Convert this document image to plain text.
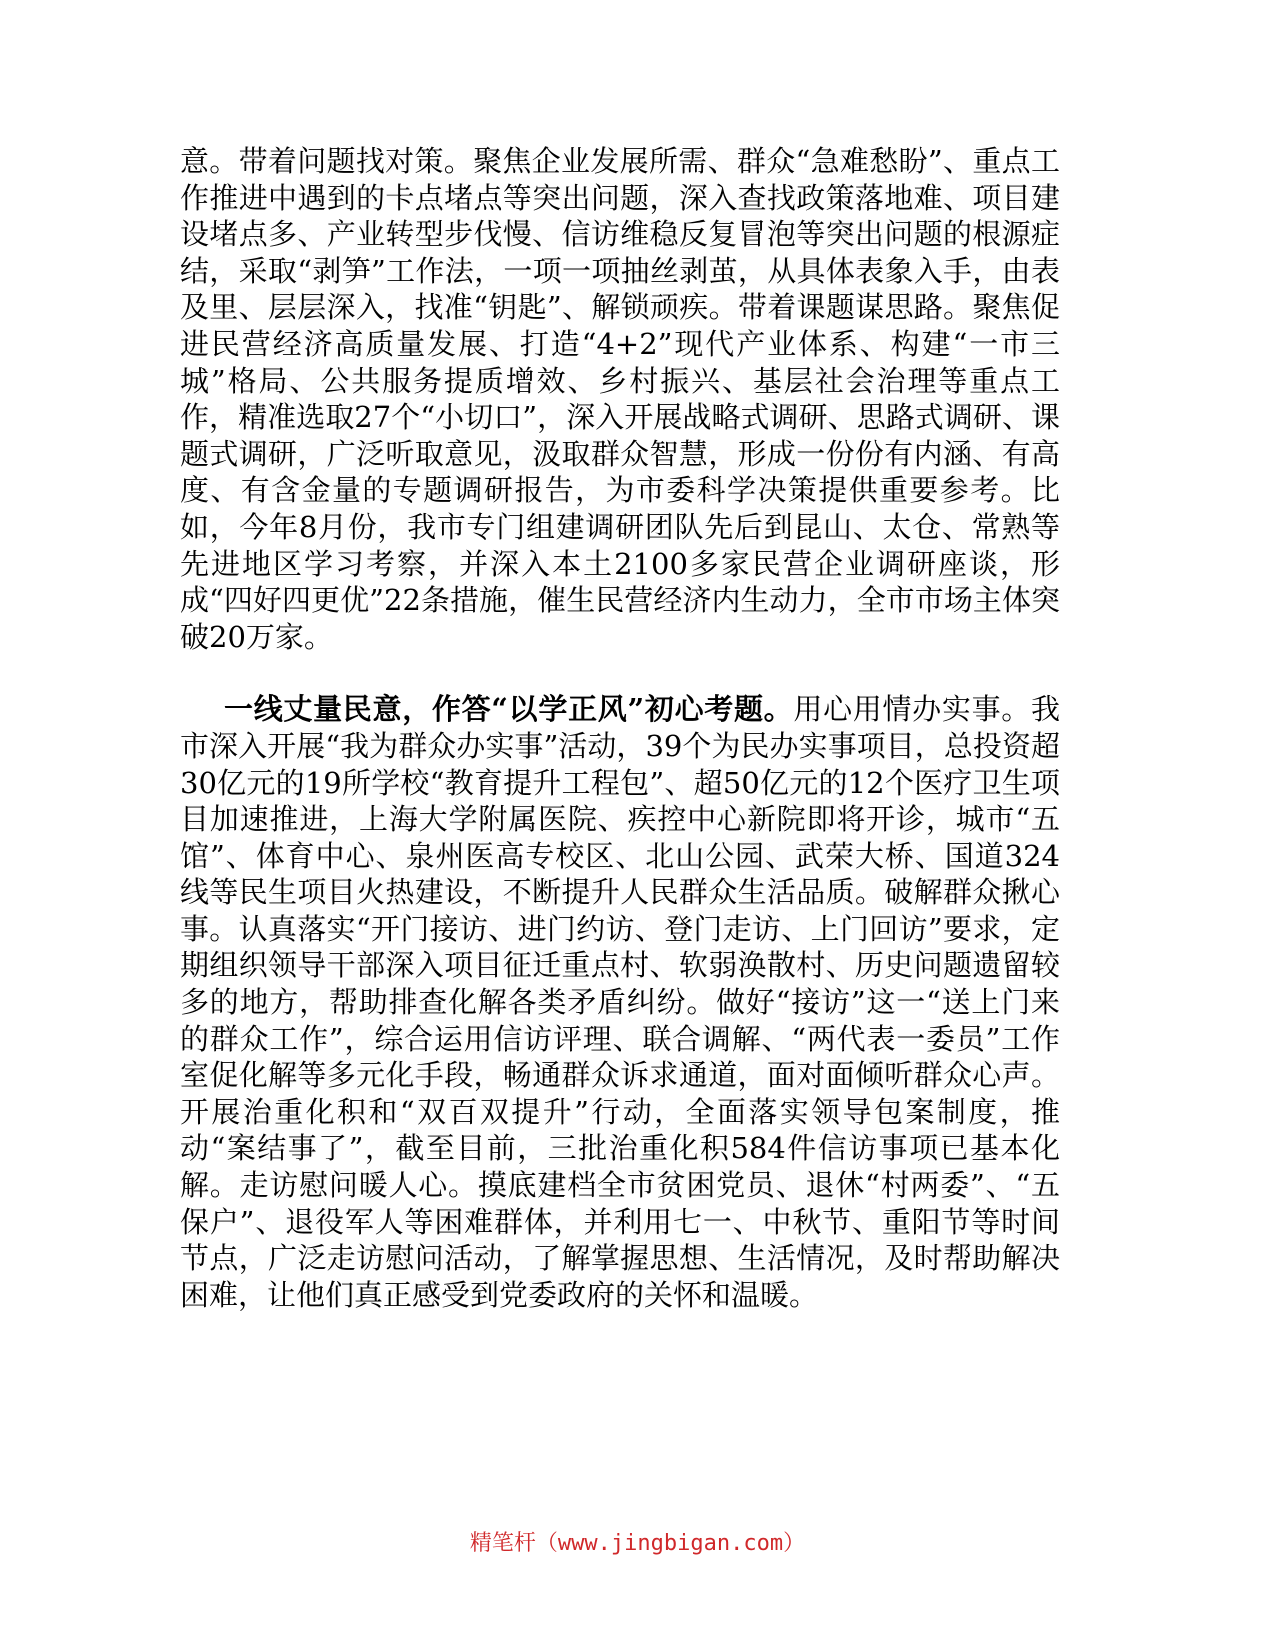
意。带着问题找对策。聚焦企业发展所需、群众“急难愁盼”、重点工作推进中遇到的卡点堵点等突出问题，深入查找政策落地难、项目建设堵点多、产业转型步伐慢、信访维稳反复冒泡等突出问题的根源症结，采取“剥笋”工作法，一项一项抽丝剥茧，从具体表象入手，由表及里、层层深入，找准“钥匙”、解锁顽疾。带着课题谋思路。聚焦促进民营经济高质量发展、打造“4+2”现代产业体系、构建“一市三城”格局、公共服务提质增效、乡村振兴、基层社会治理等重点工作，精准选取27个“小切口”，深入开展战略式调研、思路式调研、课题式调研，广泛听取意见，汲取群众智慧，形成一份份有内涵、有高度、有含金量的专题调研报告，为市委科学决策提供重要参考。比如，今年8月份，我市专门组建调研团队先后到昆山、太仓、常熟等先进地区学习考察，并深入本土2100多家民营企业调研座谈，形成“四好四更优”22条措施，催生民营经济内生动力，全市市场主体突破20万家。

一线丈量民意，作答“以学正风”初心考题。用心用情办实事。我市深入开展“我为群众办实事”活动，39个为民办实事项目，总投资超30亿元的19所学校“教育提升工程包”、超50亿元的12个医疗卫生项目加速推进，上海大学附属医院、疾控中心新院即将开诊，城市“五馆”、体育中心、泉州医高专校区、北山公园、武荣大桥、国道324线等民生项目火热建设，不断提升人民群众生活品质。破解群众揪心事。认真落实“开门接访、进门约访、登门走访、上门回访”要求，定期组织领导干部深入项目征迁重点村、软弱涣散村、历史问题遗留较多的地方，帮助排查化解各类矛盾纠纷。做好“接访”这一“送上门来的群众工作”，综合运用信访评理、联合调解、“两代表一委员”工作室促化解等多元化手段，畅通群众诉求通道，面对面倾听群众心声。开展治重化积和“双百双提升”行动，全面落实领导包案制度，推动“案结事了”，截至目前，三批治重化积584件信访事项已基本化解。走访慰问暖人心。摸底建档全市贫困党员、退休“村两委”、“五保户”、退役军人等困难群体，并利用七一、中秋节、重阳节等时间节点，广泛走访慰问活动，了解掌握思想、生活情况，及时帮助解决困难，让他们真正感受到党委政府的关怀和温暖。

精笔杆（www.jingbigan.com）
